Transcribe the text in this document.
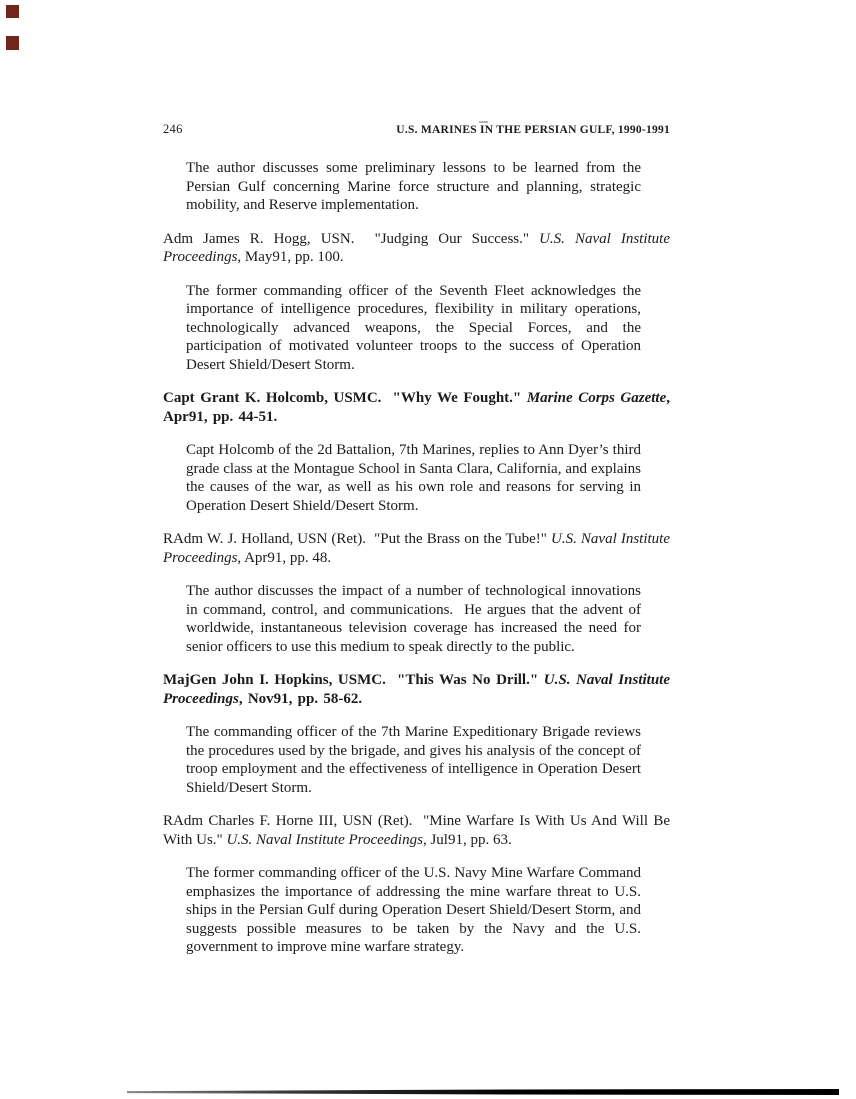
246	U.S. MARINES IN THE PERSIAN GULF, 1990-1991

The author discusses some preliminary lessons to be learned from the Persian Gulf concerning Marine force structure and planning, strategic mobility, and Reserve implementation.

Adm James R. Hogg, USN.  "Judging Our Success." U.S. Naval Institute Proceedings, May91, pp. 100.

The former commanding officer of the Seventh Fleet acknowledges the importance of intelligence procedures, flexibility in military operations, technologically advanced weapons, the Special Forces, and the participation of motivated volunteer troops to the success of Operation Desert Shield/Desert Storm.

Capt Grant K. Holcomb, USMC.  "Why We Fought." Marine Corps Gazette, Apr91, pp. 44-51.

Capt Holcomb of the 2d Battalion, 7th Marines, replies to Ann Dyer’s third grade class at the Montague School in Santa Clara, California, and explains the causes of the war, as well as his own role and reasons for serving in Operation Desert Shield/Desert Storm.

RAdm W. J. Holland, USN (Ret).  "Put the Brass on the Tube!" U.S. Naval Institute Proceedings, Apr91, pp. 48.

The author discusses the impact of a number of technological innovations in command, control, and communications.  He argues that the advent of worldwide, instantaneous television coverage has increased the need for senior officers to use this medium to speak directly to the public.

MajGen John I. Hopkins, USMC.  "This Was No Drill." U.S. Naval Institute Proceedings, Nov91, pp. 58-62.

The commanding officer of the 7th Marine Expeditionary Brigade reviews the procedures used by the brigade, and gives his analysis of the concept of troop employment and the effectiveness of intelligence in Operation Desert Shield/Desert Storm.

RAdm Charles F. Horne III, USN (Ret).  "Mine Warfare Is With Us And Will Be With Us." U.S. Naval Institute Proceedings, Jul91, pp. 63.

The former commanding officer of the U.S. Navy Mine Warfare Command emphasizes the importance of addressing the mine warfare threat to U.S. ships in the Persian Gulf during Operation Desert Shield/Desert Storm, and suggests possible measures to be taken by the Navy and the U.S. government to improve mine warfare strategy.
